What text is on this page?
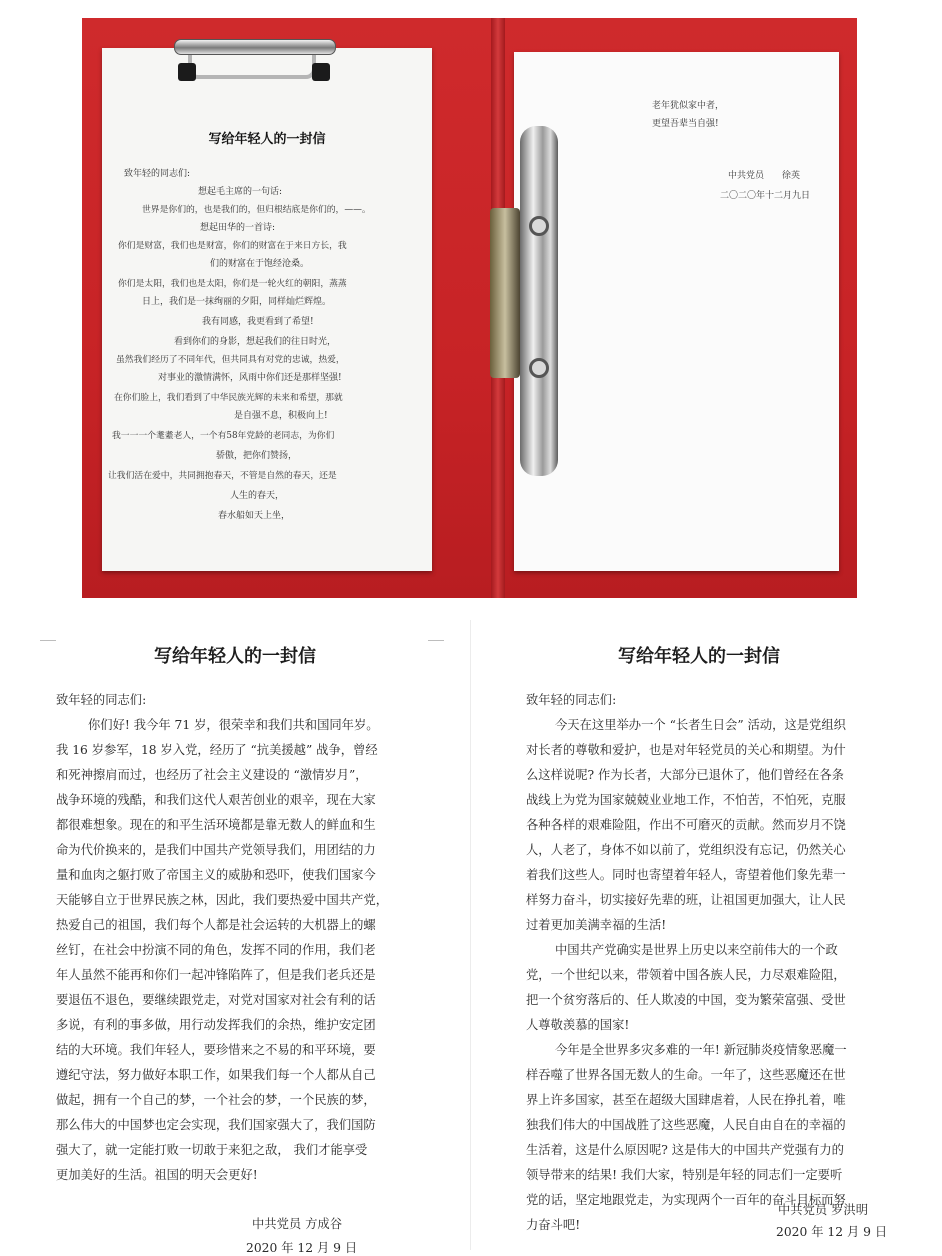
写给年轻人的一封信
致年轻的同志们:
想起毛主席的一句话:
世界是你们的，也是我们的，但归根结底是你们的，——。
想起田华的一首诗:
你们是财富，我们也是财富，你们的财富在于来日方长，我
们的财富在于饱经沧桑。
你们是太阳，我们也是太阳，你们是一轮火红的朝阳，蒸蒸
日上，我们是一抹绚丽的夕阳，同样灿烂辉煌。
我有同感，我更看到了希望!
看到你们的身影，想起我们的往日时光，
虽然我们经历了不同年代，但共同具有对党的忠诚，热爱，
对事业的激情满怀，风雨中你们还是那样坚强!
在你们脸上，我们看到了中华民族光辉的未来和希望，那就
是自强不息，积极向上!
我一一一个耄耋老人，一个有58年党龄的老同志，为你们
骄傲，把你们赞扬，
让我们活在爱中，共同拥抱春天，不管是自然的春天，还是
人生的春天，
春水船如天上坐，
老年犹似家中者，
更望吾辈当自强!
中共党员　　徐英
二〇二〇年十二月九日
写给年轻人的一封信
致年轻的同志们:
你们好! 我今年 71 岁，很荣幸和我们共和国同年岁。
我 16 岁参军，18 岁入党，经历了 “抗美援越” 战争，曾经
和死神擦肩而过，也经历了社会主义建设的 “激情岁月”，
战争环境的残酷，和我们这代人艰苦创业的艰辛，现在大家
都很难想象。现在的和平生活环境都是靠无数人的鲜血和生
命为代价换来的，是我们中国共产党领导我们，用团结的力
量和血肉之躯打败了帝国主义的威胁和恐吓，使我们国家今
天能够自立于世界民族之林，因此，我们要热爱中国共产党，
热爱自己的祖国，我们每个人都是社会运转的大机器上的螺
丝钉，在社会中扮演不同的角色，发挥不同的作用，我们老
年人虽然不能再和你们一起冲锋陷阵了，但是我们老兵还是
要退伍不退色，要继续跟党走，对党对国家对社会有利的话
多说，有利的事多做，用行动发挥我们的余热，维护安定团
结的大环境。我们年轻人，要珍惜来之不易的和平环境，要
遵纪守法，努力做好本职工作，如果我们每一个人都从自己
做起，拥有一个自己的梦，一个社会的梦，一个民族的梦，
那么伟大的中国梦也定会实现，我们国家强大了，我们国防
强大了，就一定能打败一切敢于来犯之敌， 我们才能享受
更加美好的生活。祖国的明天会更好!
中共党员 方成谷
2020 年 12 月 9 日
写给年轻人的一封信
致年轻的同志们:
今天在这里举办一个 “长者生日会” 活动，这是党组织
对长者的尊敬和爱护，也是对年轻党员的关心和期望。为什
么这样说呢? 作为长者，大部分已退休了，他们曾经在各条
战线上为党为国家兢兢业业地工作，不怕苦，不怕死，克服
各种各样的艰难险阻，作出不可磨灭的贡献。然而岁月不饶
人，人老了，身体不如以前了，党组织没有忘记，仍然关心
着我们这些人。同时也寄望着年轻人，寄望着他们象先辈一
样努力奋斗，切实接好先辈的班，让祖国更加强大，让人民
过着更加美满幸福的生活!
中国共产党确实是世界上历史以来空前伟大的一个政
党，一个世纪以来，带领着中国各族人民，力尽艰难险阻，
把一个贫穷落后的、任人欺凌的中国，变为繁荣富强、受世
人尊敬羡慕的国家!
今年是全世界多灾多难的一年! 新冠肺炎疫情象恶魔一
样吞噬了世界各国无数人的生命。一年了，这些恶魔还在世
界上许多国家，甚至在超级大国肆虐着，人民在挣扎着，唯
独我们伟大的中国战胜了这些恶魔，人民自由自在的幸福的
生活着，这是什么原因呢? 这是伟大的中国共产党强有力的
领导带来的结果! 我们大家，特别是年轻的同志们一定要听
党的话，坚定地跟党走，为实现两个一百年的奋斗目标而努
力奋斗吧!
中共党员 罗洪明
2020 年 12 月 9 日
